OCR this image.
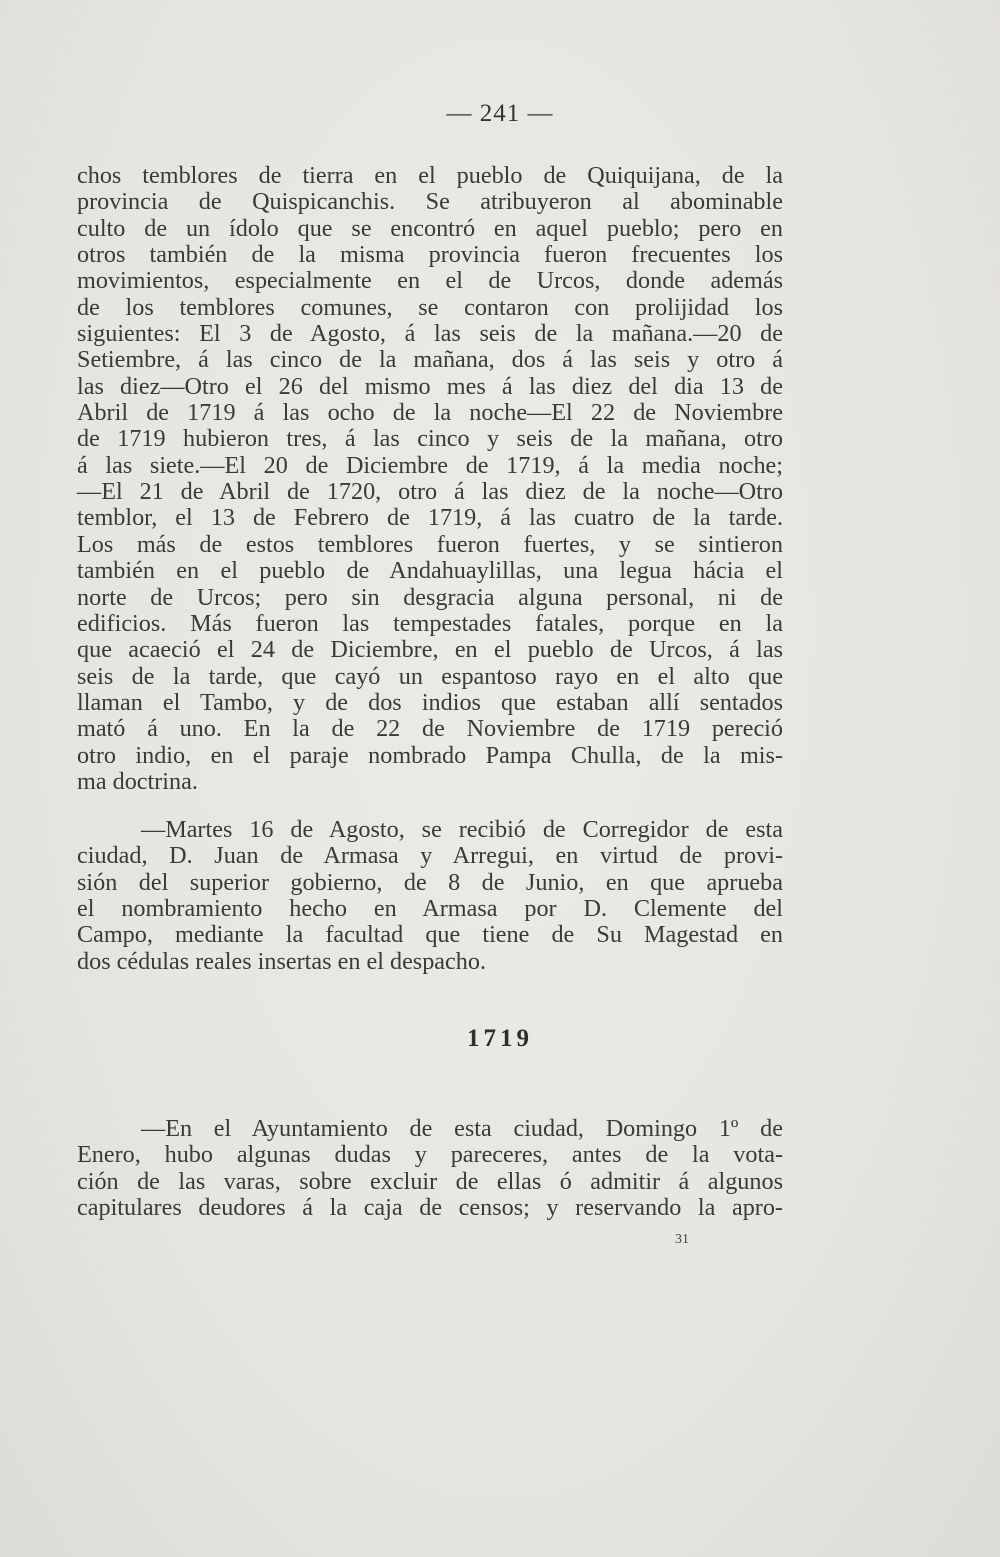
— 241 —
chos temblores de tierra en el pueblo de Quiquijana, de la
provincia de Quispicanchis. Se atribuyeron al abominable
culto de un ídolo que se encontró en aquel pueblo; pero en
otros también de la misma provincia fueron frecuentes los
movimientos, especialmente en el de Urcos, donde además
de los temblores comunes, se contaron con prolijidad los
siguientes: El 3 de Agosto, á las seis de la mañana.—20 de
Setiembre, á las cinco de la mañana, dos á las seis y otro á
las diez—Otro el 26 del mismo mes á las diez del dia 13 de
Abril de 1719 á las ocho de la noche—El 22 de Noviembre
de 1719 hubieron tres, á las cinco y seis de la mañana, otro
á las siete.—El 20 de Diciembre de 1719, á la media noche;
—El 21 de Abril de 1720, otro á las diez de la noche—Otro
temblor, el 13 de Febrero de 1719, á las cuatro de la tarde.
Los más de estos temblores fueron fuertes, y se sintieron
también en el pueblo de Andahuaylillas, una legua hácia el
norte de Urcos; pero sin desgracia alguna personal, ni de
edificios. Más fueron las tempestades fatales, porque en la
que acaeció el 24 de Diciembre, en el pueblo de Urcos, á las
seis de la tarde, que cayó un espantoso rayo en el alto que
llaman el Tambo, y de dos indios que estaban allí sentados
mató á uno. En la de 22 de Noviembre de 1719 pereció
otro indio, en el paraje nombrado Pampa Chulla, de la mis-
ma doctrina.
—Martes 16 de Agosto, se recibió de Corregidor de esta
ciudad, D. Juan de Armasa y Arregui, en virtud de provi-
sión del superior gobierno, de 8 de Junio, en que aprueba
el nombramiento hecho en Armasa por D. Clemente del
Campo, mediante la facultad que tiene de Su Magestad en
dos cédulas reales insertas en el despacho.
1719
—En el Ayuntamiento de esta ciudad, Domingo 1º de
Enero, hubo algunas dudas y pareceres, antes de la vota-
ción de las varas, sobre excluir de ellas ó admitir á algunos
capitulares deudores á la caja de censos; y reservando la apro-
31
